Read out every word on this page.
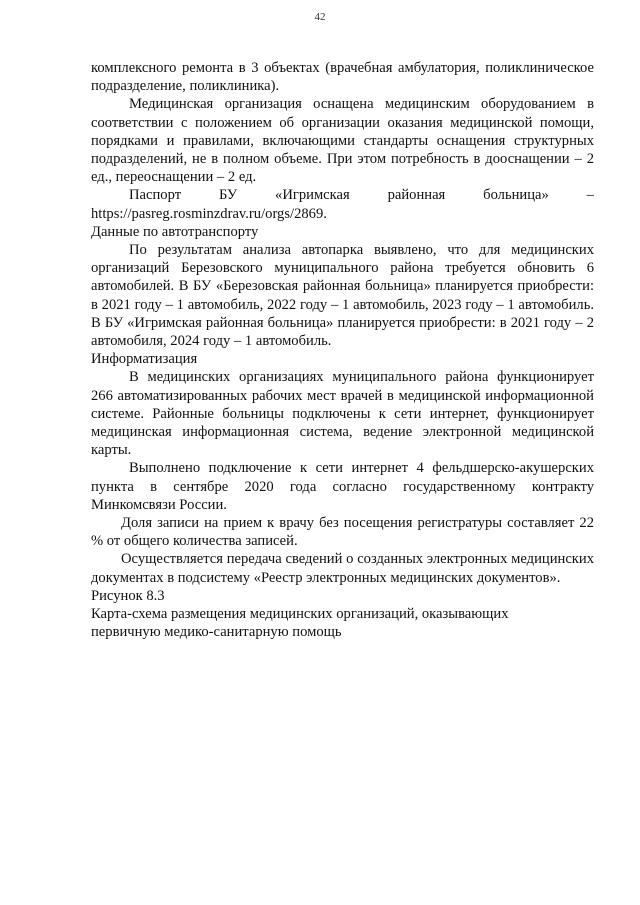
42

комплексного ремонта в 3 объектах (врачебная амбулатория, поликлиническое подразделение, поликлиника).

Медицинская организация оснащена медицинским оборудованием в соответствии с положением об организации оказания медицинской помощи, порядками и правилами, включающими стандарты оснащения структурных подразделений, не в полном объеме. При этом потребность в дооснащении – 2 ед., переоснащении – 2 ед.

Паспорт	БУ	«Игримская	районная	больница»	–

https://pasreg.rosminzdrav.ru/orgs/2869.

Данные по автотранспорту

По результатам анализа автопарка выявлено, что для медицинских организаций Березовского муниципального района требуется обновить 6 автомобилей. В БУ «Березовская районная больница» планируется приобрести: в 2021 году – 1 автомобиль, 2022 году – 1 автомобиль, 2023 году – 1 автомобиль. В БУ «Игримская районная больница» планируется приобрести: в 2021 году – 2 автомобиля, 2024 году – 1 автомобиль.

Информатизация

В медицинских организациях муниципального района функционирует 266 автоматизированных рабочих мест врачей в медицинской информационной системе. Районные больницы подключены к сети интернет, функционирует медицинская информационная система, ведение электронной медицинской карты.

Выполнено подключение к сети интернет 4 фельдшерско-акушерских пункта в сентябре 2020 года согласно государственному контракту Минкомсвязи России.

Доля записи на прием к врачу без посещения регистратуры составляет 22 % от общего количества записей.

Осуществляется передача сведений о созданных электронных медицинских документах в подсистему «Реестр электронных медицинских документов».

Рисунок 8.3

Карта-схема размещения медицинских организаций, оказывающих

первичную медико-санитарную помощь
